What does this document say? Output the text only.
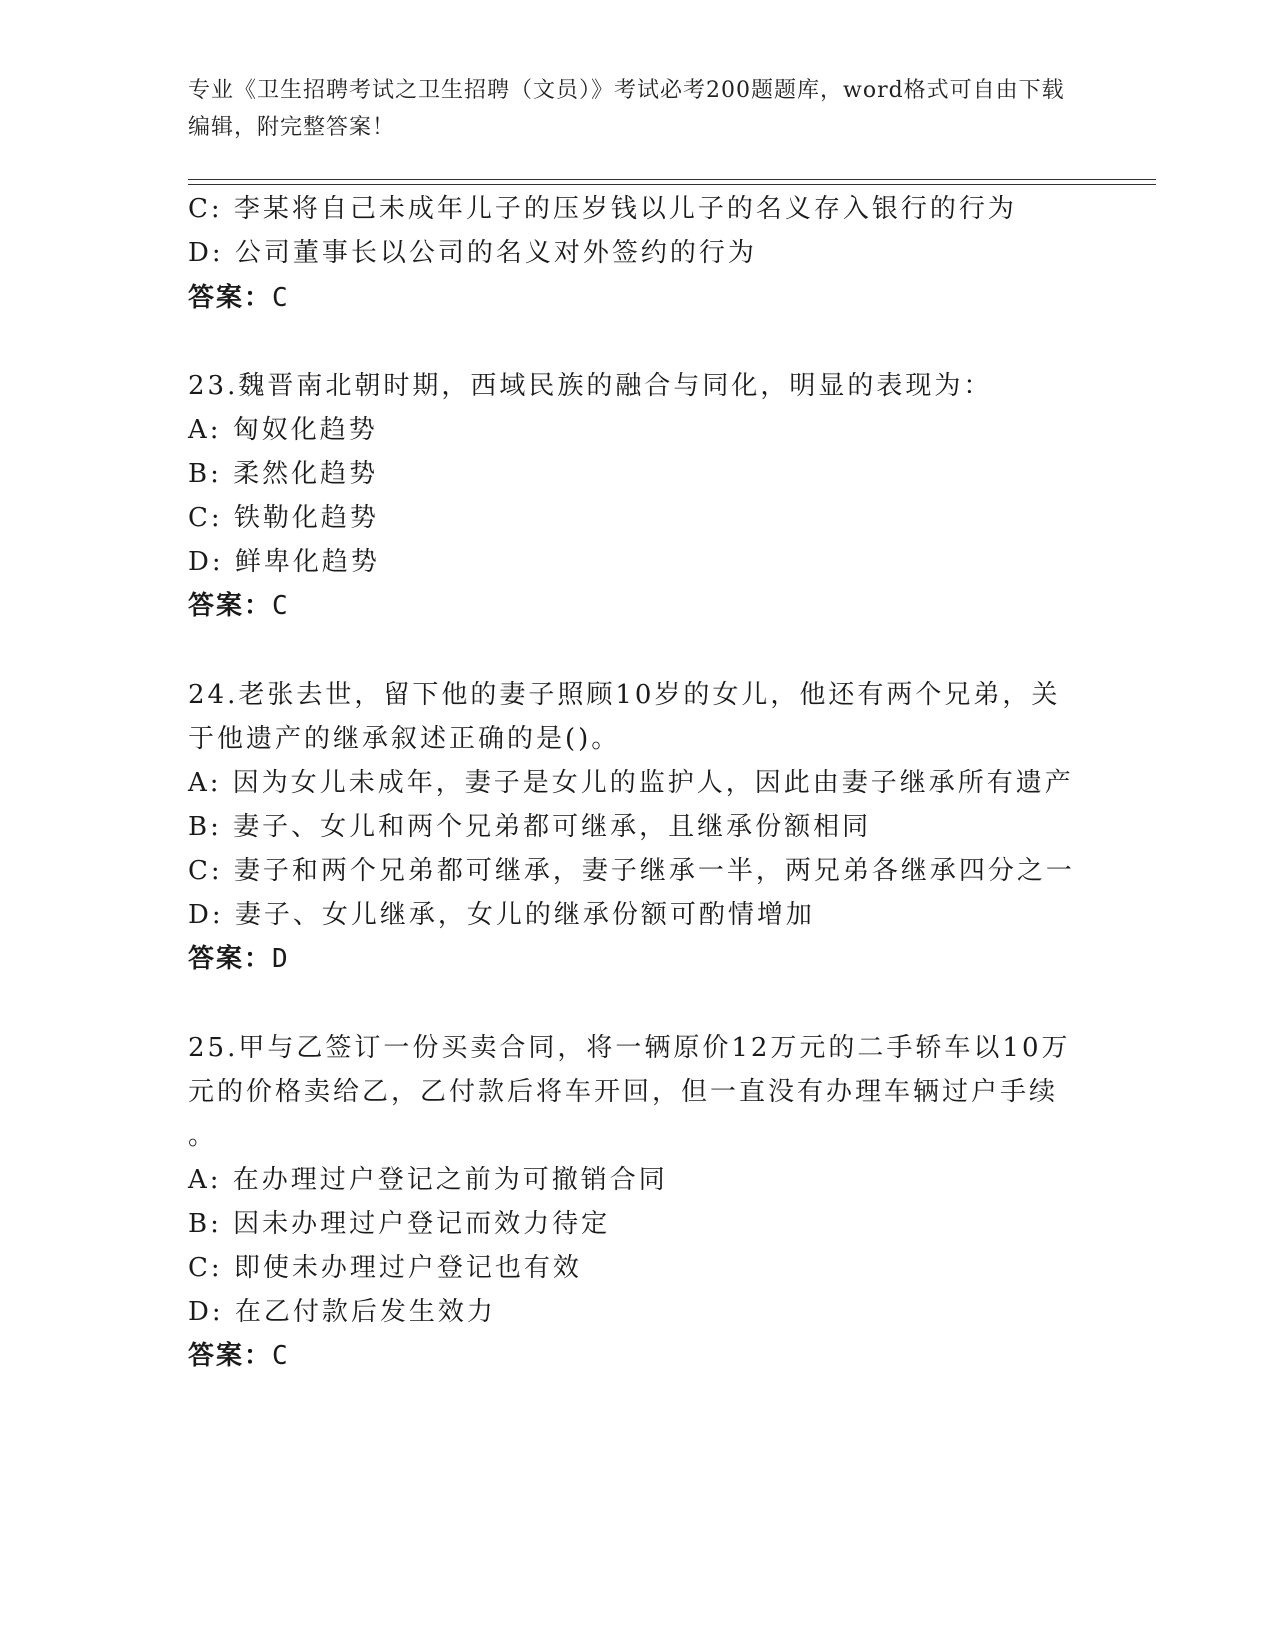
专业《卫生招聘考试之卫生招聘（文员）》考试必考200题题库，word格式可自由下载编辑，附完整答案！
C: 李某将自己未成年儿子的压岁钱以儿子的名义存入银行的行为
D: 公司董事长以公司的名义对外签约的行为
答案：C
23.魏晋南北朝时期，西域民族的融合与同化，明显的表现为：
A: 匈奴化趋势
B: 柔然化趋势
C: 铁勒化趋势
D: 鲜卑化趋势
答案：C
24.老张去世，留下他的妻子照顾10岁的女儿，他还有两个兄弟，关
于他遗产的继承叙述正确的是()。
A: 因为女儿未成年，妻子是女儿的监护人，因此由妻子继承所有遗产
B: 妻子、女儿和两个兄弟都可继承，且继承份额相同
C: 妻子和两个兄弟都可继承，妻子继承一半，两兄弟各继承四分之一
D: 妻子、女儿继承，女儿的继承份额可酌情增加
答案：D
25.甲与乙签订一份买卖合同，将一辆原价12万元的二手轿车以10万
元的价格卖给乙，乙付款后将车开回，但一直没有办理车辆过户手续
。
A: 在办理过户登记之前为可撤销合同
B: 因未办理过户登记而效力待定
C: 即使未办理过户登记也有效
D: 在乙付款后发生效力
答案：C
